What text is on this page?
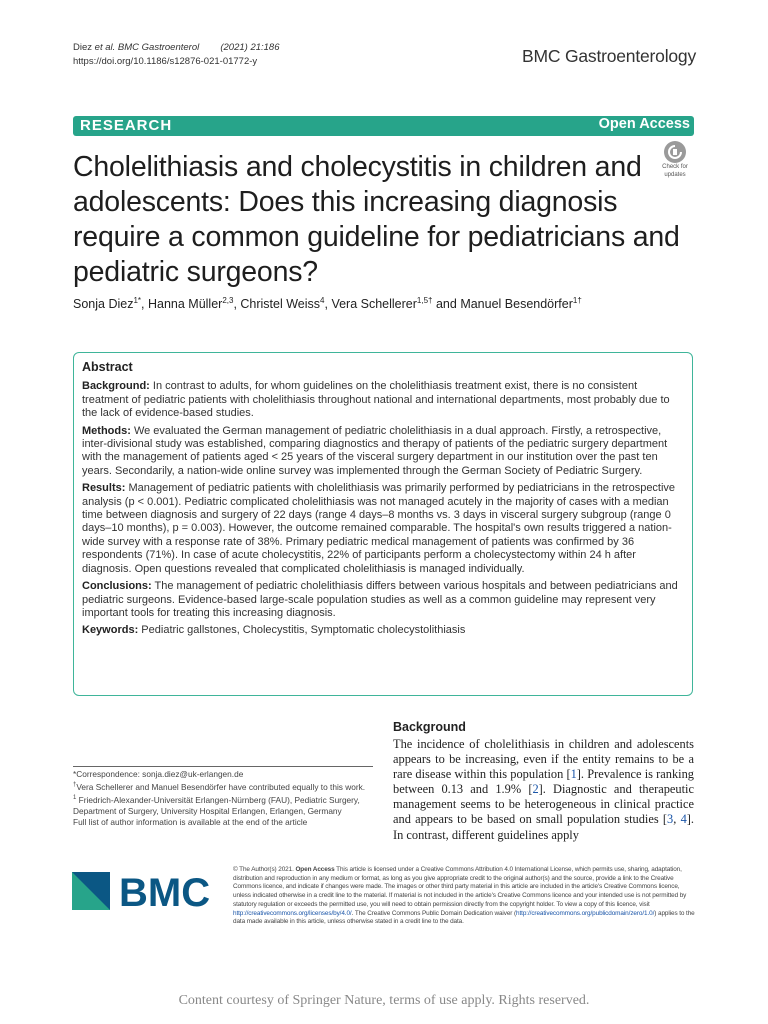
Diez et al. BMC Gastroenterol (2021) 21:186
https://doi.org/10.1186/s12876-021-01772-y	BMC Gastroenterology
RESEARCH	Open Access
Cholelithiasis and cholecystitis in children and adolescents: Does this increasing diagnosis require a common guideline for pediatricians and pediatric surgeons?
Check for
updates
Sonja Diez$^{1*}$, Hanna Müller$^{2,3}$, Christel Weiss$^4$, Vera Schellerer$^{1,5\dagger}$ and Manuel Besendörfer$^{1\dagger}$
Abstract

Background: In contrast to adults, for whom guidelines on the cholelithiasis treatment exist, there is no consistent treatment of pediatric patients with cholelithiasis throughout national and international departments, most probably due to the lack of evidence-based studies.

Methods: We evaluated the German management of pediatric cholelithiasis in a dual approach. Firstly, a retrospective, inter-divisional study was established, comparing diagnostics and therapy of patients of the pediatric surgery department with the management of patients aged < 25 years of the visceral surgery department in our institution over the past ten years. Secondarily, a nation-wide online survey was implemented through the German Society of Pediatric Surgery.

Results: Management of pediatric patients with cholelithiasis was primarily performed by pediatricians in the retrospective analysis (p < 0.001). Pediatric complicated cholelithiasis was not managed acutely in the majority of cases with a median time between diagnosis and surgery of 22 days (range 4 days–8 months vs. 3 days in visceral surgery subgroup (range 0 days–10 months), p = 0.003). However, the outcome remained comparable. The hospital's own results triggered a nation-wide survey with a response rate of 38%. Primary pediatric medical management of patients was confirmed by 36 respondents (71%). In case of acute cholecystitis, 22% of participants perform a cholecystectomy within 24 h after diagnosis. Open questions revealed that complicated cholelithiasis is managed individually.

Conclusions: The management of pediatric cholelithiasis differs between various hospitals and between pediatricians and pediatric surgeons. Evidence-based large-scale population studies as well as a common guideline may represent very important tools for treating this increasing diagnosis.

Keywords: Pediatric gallstones, Cholecystitis, Symptomatic cholecystolithiasis

Background
The incidence of cholelithiasis in children and adolescents appears to be increasing, even if the entity remains to be a rare disease within this population [1]. Prevalence is ranking between 0.13 and 1.9% [2]. Diagnostic and therapeutic management seems to be heterogeneous in clinical practice and appears to be based on small population studies [3, 4]. In contrast, different guidelines apply

*Correspondence: sonja.diez@uk-erlangen.de

†Vera Schellerer and Manuel Besendörfer have contributed equally to this work.

$^1$ Friedrich-Alexander-Universität Erlangen-Nürnberg (FAU), Pediatric Surgery, Department of Surgery, University Hospital Erlangen, Erlangen, Germany

Full list of author information is available at the end of the article

BMC
© The Author(s) 2021. Open Access This article is licensed under a Creative Commons Attribution 4.0 International License, which permits use, sharing, adaptation, distribution and reproduction in any medium or format, as long as you give appropriate credit to the original author(s) and the source, provide a link to the Creative Commons licence, and indicate if changes were made. The images or other third party material in this article are included in the article's Creative Commons licence, unless indicated otherwise in a credit line to the material. If material is not included in the article's Creative Commons licence and your intended use is not permitted by statutory regulation or exceeds the permitted use, you will need to obtain permission directly from the copyright holder. To view a copy of this licence, visit http://creativecommons.org/licenses/by/4.0/. The Creative Commons Public Domain Dedication waiver (http://creativecommons.org/publicdomain/zero/1.0/) applies to the data made available in this article, unless otherwise stated in a credit line to the data.
Content courtesy of Springer Nature, terms of use apply. Rights reserved.
